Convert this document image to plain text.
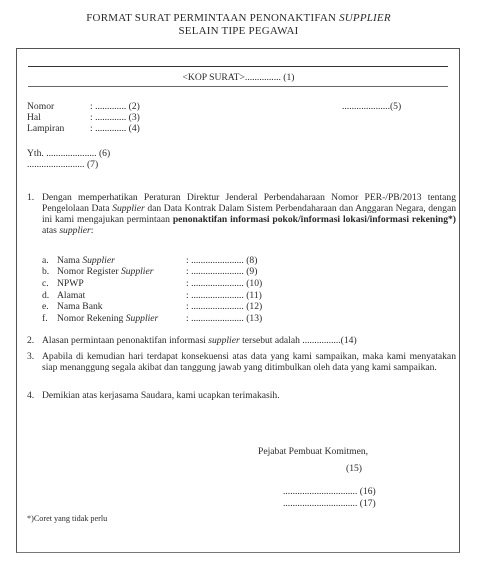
FORMAT SURAT PERMINTAAN PENONAKTIFAN SUPPLIER
SELAIN TIPE PEGAWAI
<KOP SURAT>............... (1)
Nomor	: ............. (2)	....................(5)
Hal	: ............. (3)
Lampiran	: ............. (4)
Yth. ..................... (6)
........................ (7)
1. Dengan memperhatikan Peraturan Direktur Jenderal Perbendaharaan Nomor PER-/PB/2013 tentang Pengelolaan Data Supplier dan Data Kontrak Dalam Sistem Perbendaharaan dan Anggaran Negara, dengan ini kami mengajukan permintaan penonaktifan informasi pokok/informasi lokasi/informasi rekening*) atas supplier:
a. Nama Supplier	: ...................... (8)
b. Nomor Register Supplier	: ...................... (9)
c. NPWP	: ...................... (10)
d. Alamat	: ...................... (11)
e. Nama Bank	: ...................... (12)
f. Nomor Rekening Supplier	: ...................... (13)
2. Alasan permintaan penonaktifan informasi supplier tersebut adalah ................(14)
3. Apabila di kemudian hari terdapat konsekuensi atas data yang kami sampaikan, maka kami menyatakan siap menanggung segala akibat dan tanggung jawab yang ditimbulkan oleh data yang kami sampaikan.
4. Demikian atas kerjasama Saudara, kami ucapkan terimakasih.
Pejabat Pembuat Komitmen,
(15)
............................... (16)
............................... (17)
*)Coret yang tidak perlu
